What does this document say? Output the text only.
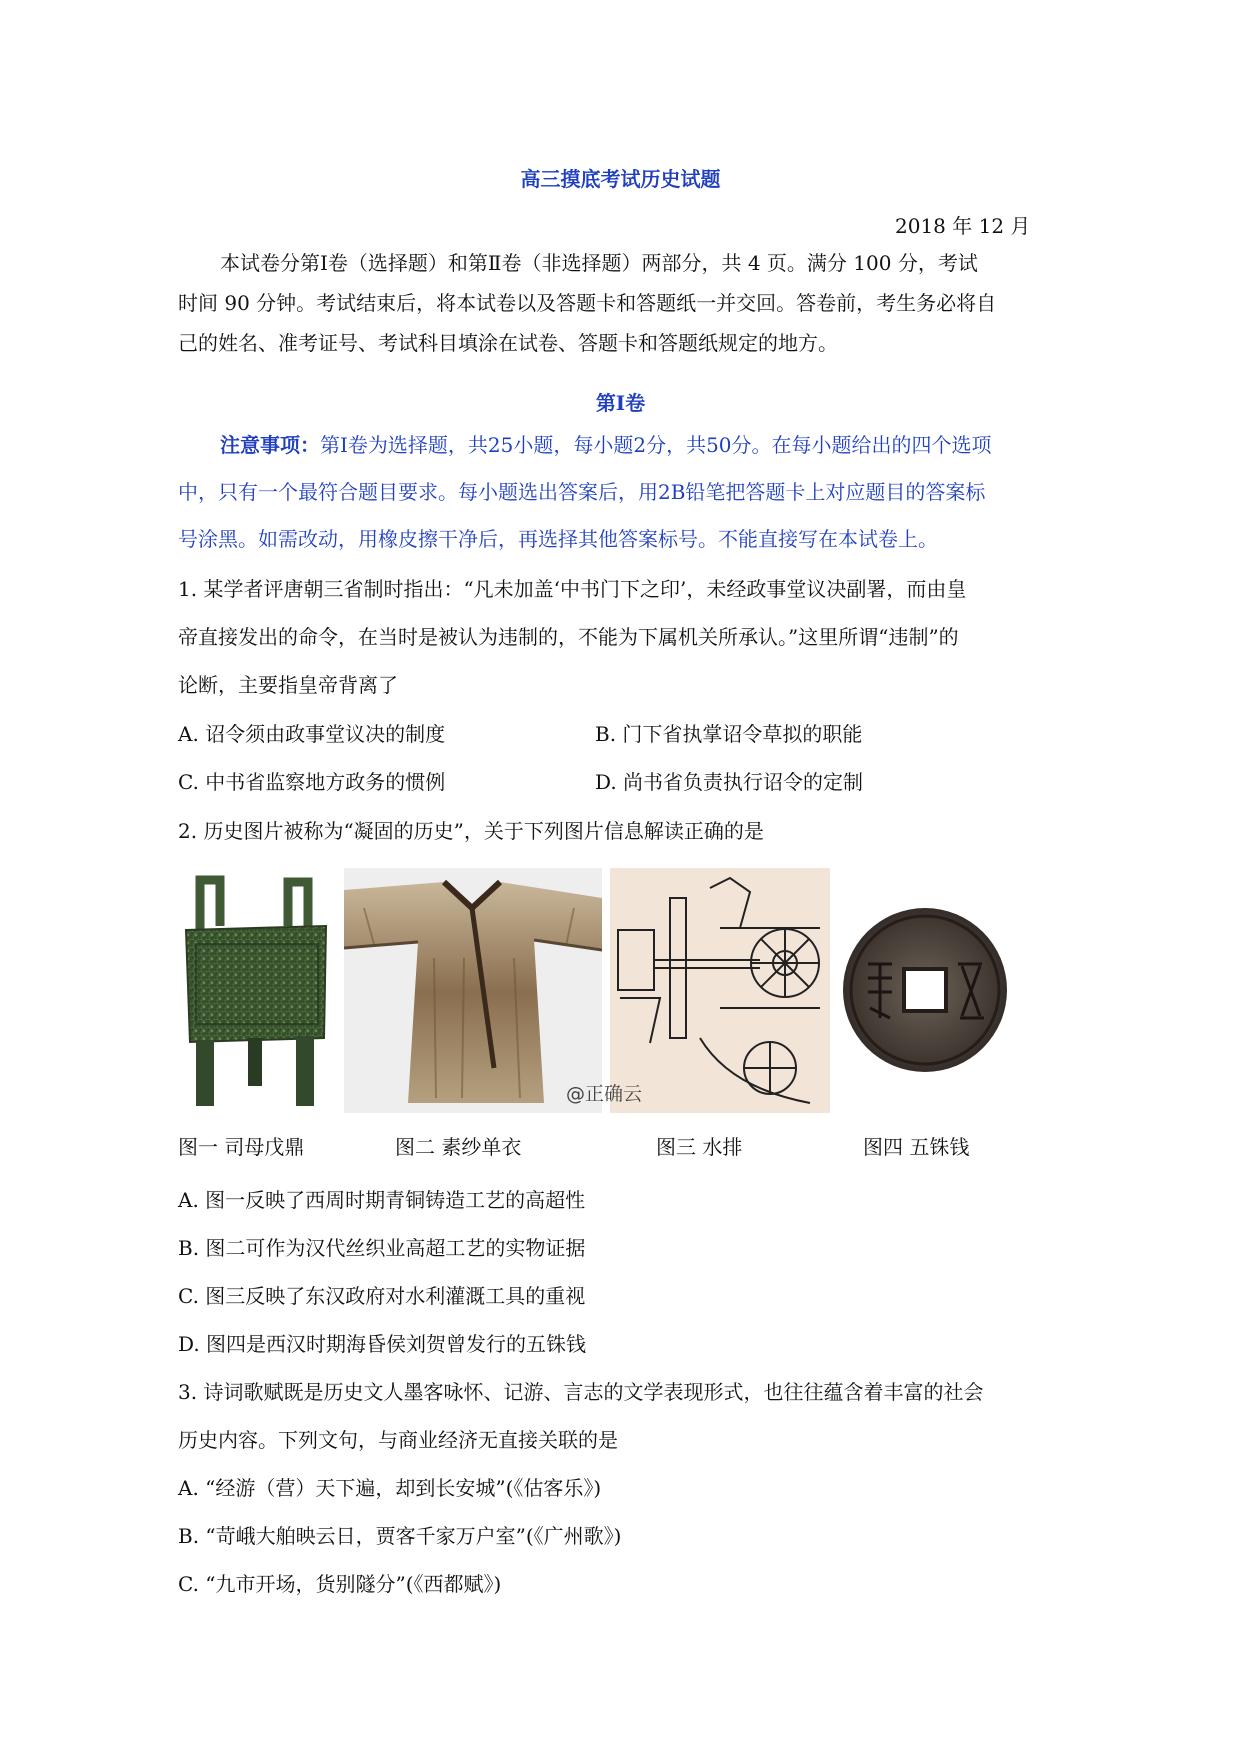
高三摸底考试历史试题
2018 年 12 月
本试卷分第Ⅰ卷（选择题）和第Ⅱ卷（非选择题）两部分，共 4 页。满分 100 分，考试
时间 90 分钟。考试结束后，将本试卷以及答题卡和答题纸一并交回。答卷前，考生务必将自
己的姓名、准考证号、考试科目填涂在试卷、答题卡和答题纸规定的地方。
第Ⅰ卷
注意事项：第Ⅰ卷为选择题，共25小题，每小题2分，共50分。在每小题给出的四个选项
中，只有一个最符合题目要求。每小题选出答案后，用2B铅笔把答题卡上对应题目的答案标
号涂黑。如需改动，用橡皮擦干净后，再选择其他答案标号。不能直接写在本试卷上。
1. 某学者评唐朝三省制时指出：“凡未加盖‘中书门下之印’，未经政事堂议决副署，而由皇
帝直接发出的命令，在当时是被认为违制的，不能为下属机关所承认。”这里所谓“违制”的
论断，主要指皇帝背离了
A. 诏令须由政事堂议决的制度	B. 门下省执掌诏令草拟的职能
C. 中书省监察地方政务的惯例	D. 尚书省负责执行诏令的定制
2. 历史图片被称为“凝固的历史”，关于下列图片信息解读正确的是
@正确云
图一 司母戊鼎	图二 素纱单衣	图三 水排	图四 五铢钱
A. 图一反映了西周时期青铜铸造工艺的高超性
B. 图二可作为汉代丝织业高超工艺的实物证据
C. 图三反映了东汉政府对水利灌溉工具的重视
D. 图四是西汉时期海昏侯刘贺曾发行的五铢钱
3. 诗词歌赋既是历史文人墨客咏怀、记游、言志的文学表现形式，也往往蕴含着丰富的社会
历史内容。下列文句，与商业经济无直接关联的是
A. “经游（营）天下遍，却到长安城”(《估客乐》)
B. “苛峨大舶映云日，贾客千家万户室”(《广州歌》)
C. “九市开场，货别隧分”(《西都赋》)
